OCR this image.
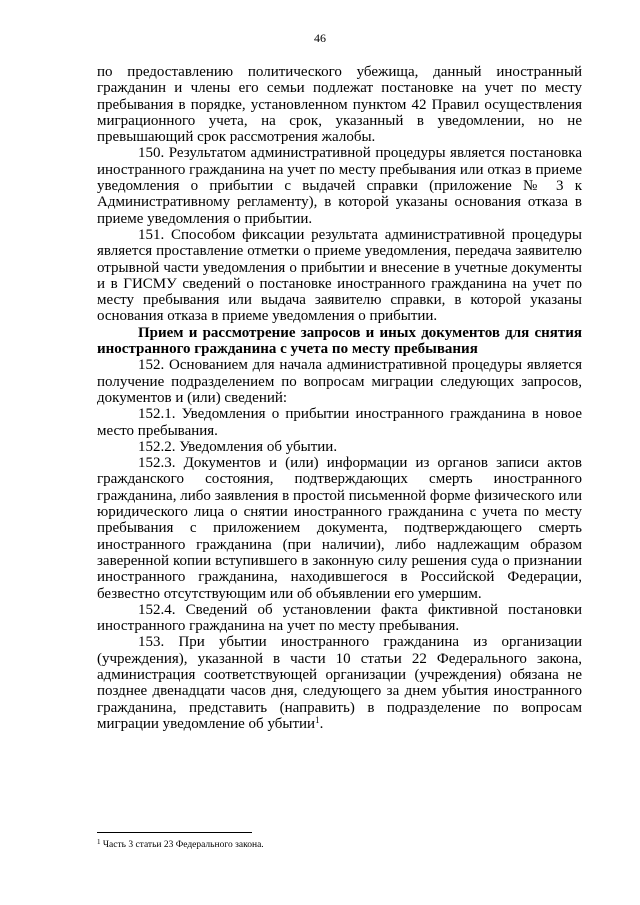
46

по предоставлению политического убежища, данный иностранный гражданин и члены его семьи подлежат постановке на учет по месту пребывания в порядке, установленном пунктом 42 Правил осуществления миграционного учета, на срок, указанный в уведомлении, но не превышающий срок рассмотрения жалобы.

150. Результатом административной процедуры является постановка иностранного гражданина на учет по месту пребывания или отказ в приеме уведомления о прибытии с выдачей справки (приложение № 3 к Административному регламенту), в которой указаны основания отказа в приеме уведомления о прибытии.

151. Способом фиксации результата административной процедуры является проставление отметки о приеме уведомления, передача заявителю отрывной части уведомления о прибытии и внесение в учетные документы и в ГИСМУ сведений о постановке иностранного гражданина на учет по месту пребывания или выдача заявителю справки, в которой указаны основания отказа в приеме уведомления о прибытии.

Прием и рассмотрение запросов и иных документов для снятия иностранного гражданина с учета по месту пребывания

152. Основанием для начала административной процедуры является получение подразделением по вопросам миграции следующих запросов, документов и (или) сведений:

152.1. Уведомления о прибытии иностранного гражданина в новое место пребывания.

152.2. Уведомления об убытии.

152.3. Документов и (или) информации из органов записи актов гражданского состояния, подтверждающих смерть иностранного гражданина, либо заявления в простой письменной форме физического или юридического лица о снятии иностранного гражданина с учета по месту пребывания с приложением документа, подтверждающего смерть иностранного гражданина (при наличии), либо надлежащим образом заверенной копии вступившего в законную силу решения суда о признании иностранного гражданина, находившегося в Российской Федерации, безвестно отсутствующим или об объявлении его умершим.

152.4. Сведений об установлении факта фиктивной постановки иностранного гражданина на учет по месту пребывания.

153. При убытии иностранного гражданина из организации (учреждения), указанной в части 10 статьи 22 Федерального закона, администрация соответствующей организации (учреждения) обязана не позднее двенадцати часов дня, следующего за днем убытия иностранного гражданина, представить (направить) в подразделение по вопросам миграции уведомление об убытии$^1$.

$^1$ Часть 3 статьи 23 Федерального закона.
